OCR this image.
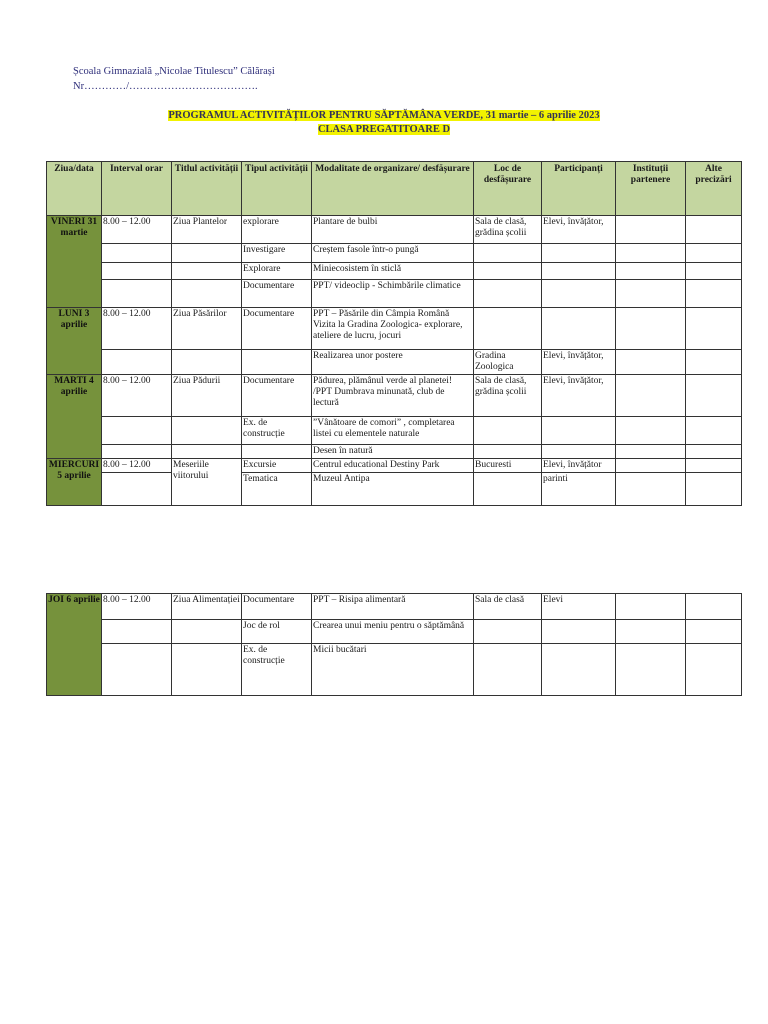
Școala Gimnazială „Nicolae Titulescu” Călărași
Nr…………/……………………………….
PROGRAMUL ACTIVITĂȚILOR PENTRU SĂPTĂMÂNA VERDE, 31 martie – 6 aprilie 2023
CLASA PREGATITOARE D
Ziua/data	Interval orar	Titlul activității	Tipul activității	Modalitate de organizare/ desfășurare	Loc de desfășurare	Participanți	Instituții partenere	Alte precizări
VINERI 31 martie	8.00 – 12.00	Ziua Plantelor	explorare	Plantare de bulbi	Sala de clasă, grădina școlii	Elevi, învățător,		
			Investigare	Creștem fasole într-o pungă				
			Explorare	Miniecosistem în sticlă				
			Documentare	PPT/ videoclip - Schimbările climatice				
LUNI 3 aprilie	8.00 – 12.00	Ziua Păsărilor	Documentare	PPT – Păsările din Câmpia Română Vizita la Gradina Zoologica- explorare, ateliere de lucru, jocuri				
				Realizarea unor postere	Gradina Zoologica	Elevi, învățător,		
MARTI 4 aprilie	8.00 – 12.00	Ziua Pădurii	Documentare	Pădurea, plămânul verde al planetei! /PPT Dumbrava minunată, club de lectură	Sala de clasă, grădina școlii	Elevi, învățător,		
			Ex. de construcție	”Vânătoare de comori” , completarea listei cu elementele naturale				
				Desen în natură				
MIERCURI 5 aprilie	8.00 – 12.00	Meseriile viitorului	Excursie	Centrul educational Destiny Park	Bucuresti	Elevi, învățător		
			Tematica	Muzeul Antipa		parinti		
JOI 6 aprilie	8.00 – 12.00	Ziua Alimentației	Documentare	PPT – Risipa alimentară	Sala de clasă	Elevi		
			Joc de rol	Crearea unui meniu pentru o săptămână				
			Ex. de construcție	Micii bucătari				
